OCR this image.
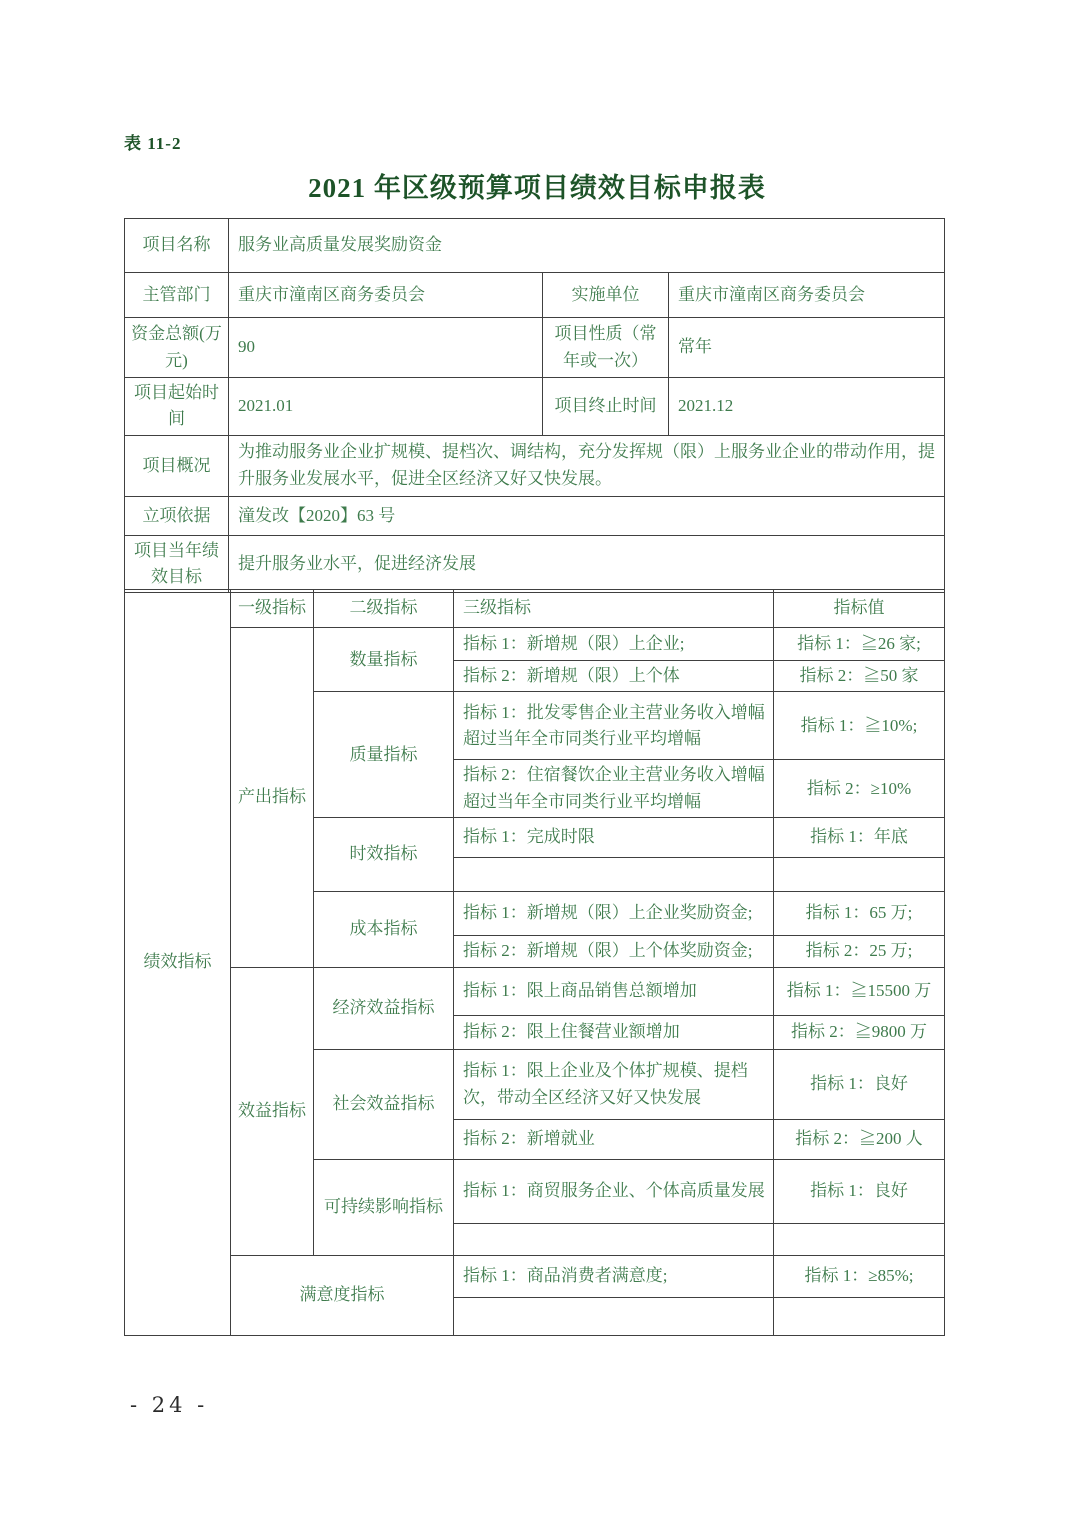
表 11-2
2021 年区级预算项目绩效目标申报表
项目名称	服务业高质量发展奖励资金		
主管部门	重庆市潼南区商务委员会	实施单位	重庆市潼南区商务委员会
资金总额(万元)	90	项目性质（常年或一次）	常年
项目起始时间	2021.01	项目终止时间	2021.12
项目概况	为推动服务业企业扩规模、提档次、调结构，充分发挥规（限）上服务业企业的带动作用，提升服务业发展水平，促进全区经济又好又快发展。		
立项依据	潼发改【2020】63 号		
项目当年绩效目标	提升服务业水平，促进经济发展		
绩效指标	一级指标	二级指标	三级指标	指标值
	产出指标	数量指标	指标 1：新增规（限）上企业;	指标 1：≧26 家;
			指标 2：新增规（限）上个体	指标 2：≧50 家
		质量指标	指标 1：批发零售企业主营业务收入增幅超过当年全市同类行业平均增幅	指标 1：≧10%;
			指标 2：住宿餐饮企业主营业务收入增幅超过当年全市同类行业平均增幅	指标 2：≥10%
		时效指标	指标 1：完成时限	指标 1：年底

		成本指标	指标 1：新增规（限）上企业奖励资金;	指标 1：65 万;
			指标 2：新增规（限）上个体奖励资金;	指标 2：25 万;
	效益指标	经济效益指标	指标 1：限上商品销售总额增加	指标 1：≧15500 万
			指标 2：限上住餐营业额增加	指标 2：≧9800 万
		社会效益指标	指标 1：限上企业及个体扩规模、提档次，带动全区经济又好又快发展	指标 1：良好
			指标 2：新增就业	指标 2：≧200 人
		可持续影响指标	指标 1：商贸服务企业、个体高质量发展	指标 1：良好

	满意度指标		指标 1：商品消费者满意度;	指标 1：≥85%;

- 24 -
